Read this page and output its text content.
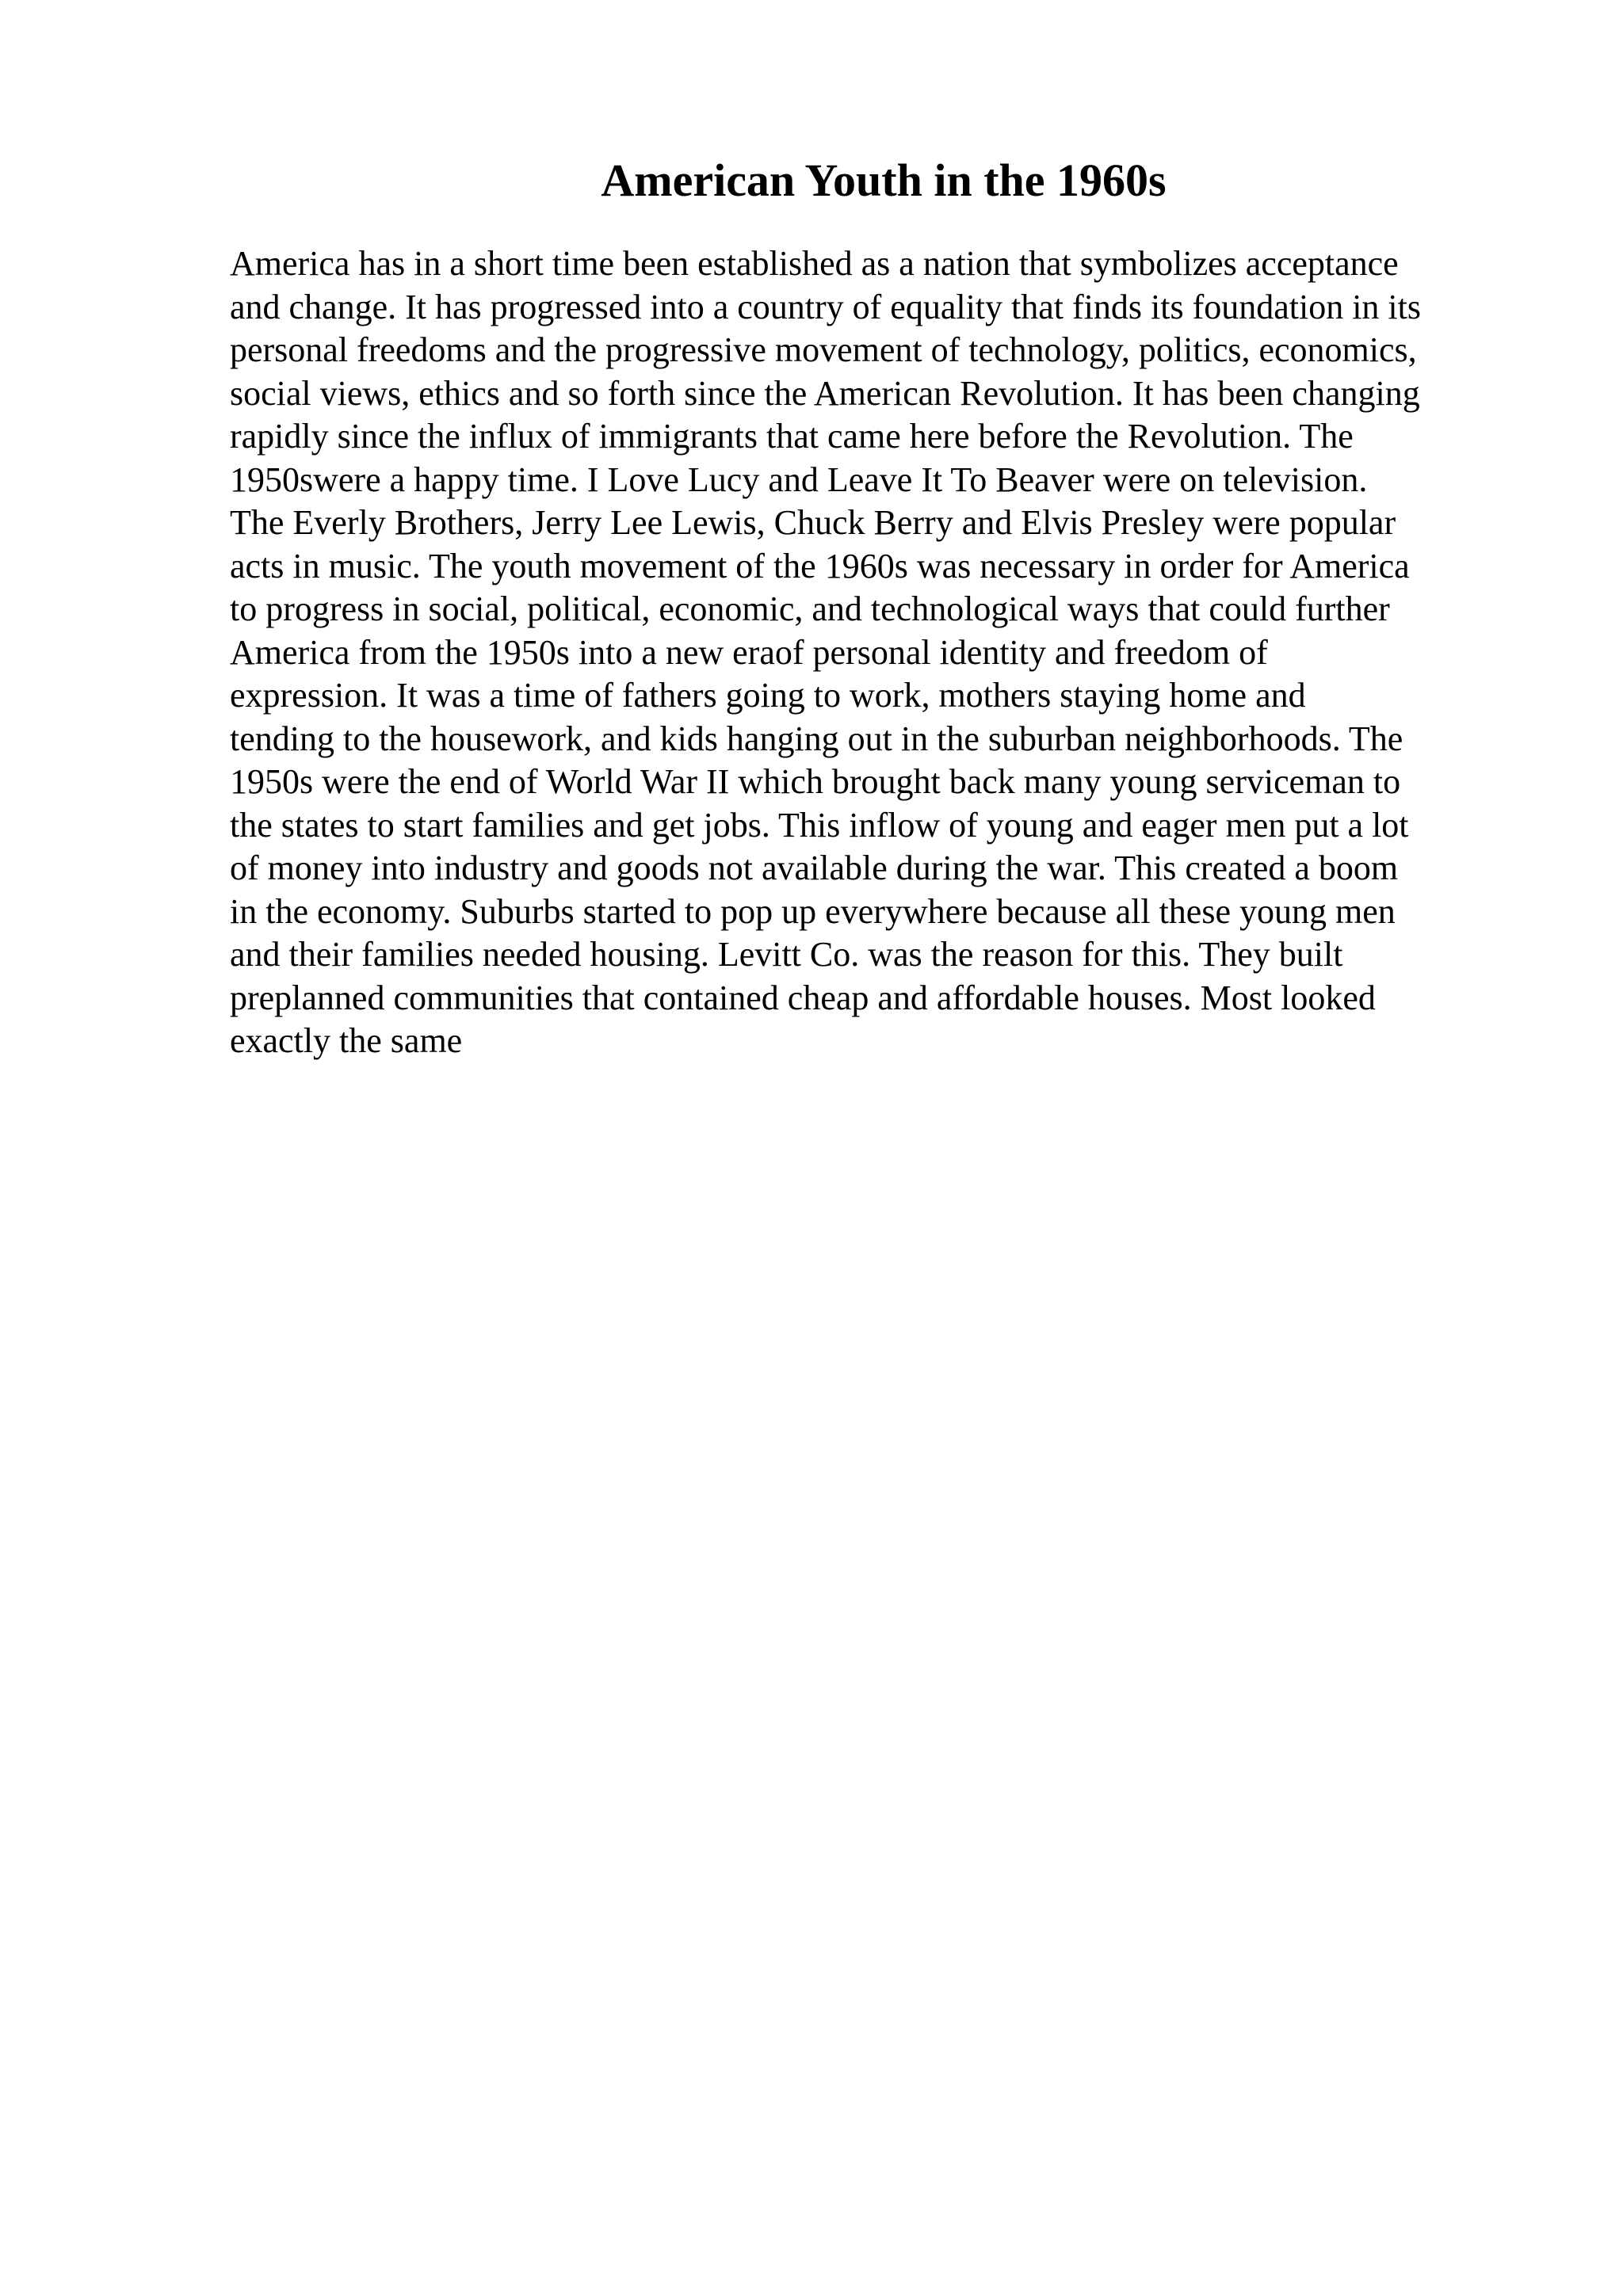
American Youth in the 1960s
America has in a short time been established as a nation that symbolizes acceptance
and change. It has progressed into a country of equality that finds its foundation in its
personal freedoms and the progressive movement of technology, politics, economics,
social views, ethics and so forth since the American Revolution. It has been changing
rapidly since the influx of immigrants that came here before the Revolution. The
1950swere a happy time. I Love Lucy and Leave It To Beaver were on television.
The Everly Brothers, Jerry Lee Lewis, Chuck Berry and Elvis Presley were popular
acts in music. The youth movement of the 1960s was necessary in order for America
to progress in social, political, economic, and technological ways that could further
America from the 1950s into a new eraof personal identity and freedom of
expression. It was a time of fathers going to work, mothers staying home and
tending to the housework, and kids hanging out in the suburban neighborhoods. The
1950s were the end of World War II which brought back many young serviceman to
the states to start families and get jobs. This inflow of young and eager men put a lot
of money into industry and goods not available during the war. This created a boom
in the economy. Suburbs started to pop up everywhere because all these young men
and their families needed housing. Levitt Co. was the reason for this. They built
preplanned communities that contained cheap and affordable houses. Most looked
exactly the same
